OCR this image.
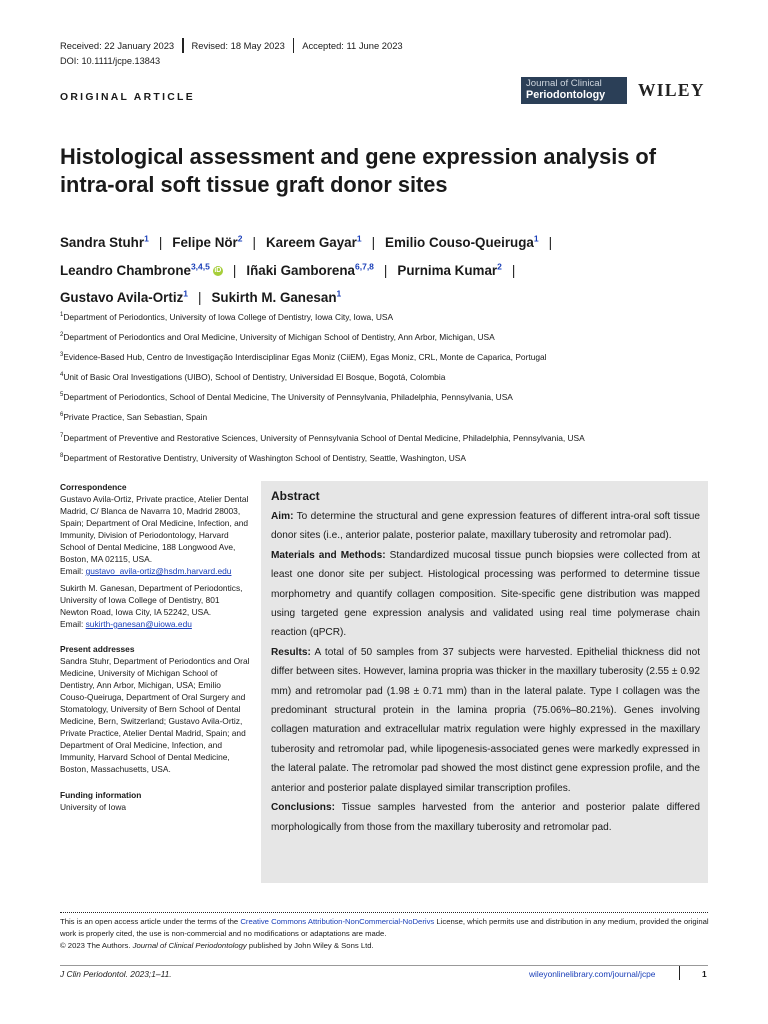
Received: 22 January 2023 Revised: 18 May 2023 Accepted: 11 June 2023
DOI: 10.1111/jcpe.13843
ORIGINAL ARTICLE
Journal of Clinical
Periodontology	WILEY
Histological assessment and gene expression analysis of intra-oral soft tissue graft donor sites
Sandra Stuhr$^1$ | Felipe Nör$^2$ | Kareem Gayar$^1$ | Emilio Couso-Queiruga$^1$ |
Leandro Chambrone$^{3,4,5}$ iD | Iñaki Gamborena$^{6,7,8}$ | Purnima Kumar$^2$ |
Gustavo Avila-Ortiz$^1$ | Sukirth M. Ganesan$^1$
$^1$Department of Periodontics, University of Iowa College of Dentistry, Iowa City, Iowa, USA
$^2$Department of Periodontics and Oral Medicine, University of Michigan School of Dentistry, Ann Arbor, Michigan, USA
$^3$Evidence-Based Hub, Centro de Investigação Interdisciplinar Egas Moniz (CiiEM), Egas Moniz, CRL, Monte de Caparica, Portugal
$^4$Unit of Basic Oral Investigations (UIBO), School of Dentistry, Universidad El Bosque, Bogotá, Colombia
$^5$Department of Periodontics, School of Dental Medicine, The University of Pennsylvania, Philadelphia, Pennsylvania, USA
$^6$Private Practice, San Sebastian, Spain
$^7$Department of Preventive and Restorative Sciences, University of Pennsylvania School of Dental Medicine, Philadelphia, Pennsylvania, USA
$^8$Department of Restorative Dentistry, University of Washington School of Dentistry, Seattle, Washington, USA
Correspondence
Gustavo Avila-Ortiz, Private practice, Atelier Dental Madrid, C/ Blanca de Navarra 10, Madrid 28003, Spain; Department of Oral Medicine, Infection, and Immunity, Division of Periodontology, Harvard School of Dental Medicine, 188 Longwood Ave, Boston, MA 02115, USA.
Email: gustavo_avila-ortiz@hsdm.harvard.edu
Sukirth M. Ganesan, Department of Periodontics, University of Iowa College of Dentistry, 801 Newton Road, Iowa City, IA 52242, USA.
Email: sukirth-ganesan@uiowa.edu
Present addresses
Sandra Stuhr, Department of Periodontics and Oral Medicine, University of Michigan School of Dentistry, Ann Arbor, Michigan, USA; Emilio Couso-Queiruga, Department of Oral Surgery and Stomatology, University of Bern School of Dental Medicine, Bern, Switzerland; Gustavo Avila-Ortiz, Private Practice, Atelier Dental Madrid, Spain; and Department of Oral Medicine, Infection, and Immunity, Harvard School of Dental Medicine, Boston, Massachusetts, USA.
Funding information
University of Iowa
Abstract

Aim: To determine the structural and gene expression features of different intra-oral soft tissue donor sites (i.e., anterior palate, posterior palate, maxillary tuberosity and retromolar pad).

Materials and Methods: Standardized mucosal tissue punch biopsies were collected from at least one donor site per subject. Histological processing was performed to determine tissue morphometry and quantify collagen composition. Site-specific gene distribution was mapped using targeted gene expression analysis and validated using real time polymerase chain reaction (qPCR).

Results: A total of 50 samples from 37 subjects were harvested. Epithelial thickness did not differ between sites. However, lamina propria was thicker in the maxillary tuberosity (2.55 ± 0.92 mm) and retromolar pad (1.98 ± 0.71 mm) than in the lateral palate. Type I collagen was the predominant structural protein in the lamina propria (75.06%–80.21%). Genes involving collagen maturation and extracellular matrix regulation were highly expressed in the maxillary tuberosity and retromolar pad, while lipogenesis-associated genes were markedly expressed in the lateral palate. The retromolar pad showed the most distinct gene expression profile, and the anterior and posterior palate displayed similar transcription profiles.

Conclusions: Tissue samples harvested from the anterior and posterior palate differed morphologically from those from the maxillary tuberosity and retromolar pad.

This is an open access article under the terms of the Creative Commons Attribution-NonCommercial-NoDerivs License, which permits use and distribution in any medium, provided the original work is properly cited, the use is non-commercial and no modifications or adaptations are made.
© 2023 The Authors. Journal of Clinical Periodontology published by John Wiley & Sons Ltd.
J Clin Periodontol. 2023;1–11.	wileyonlinelibrary.com/journal/jcpe	1
